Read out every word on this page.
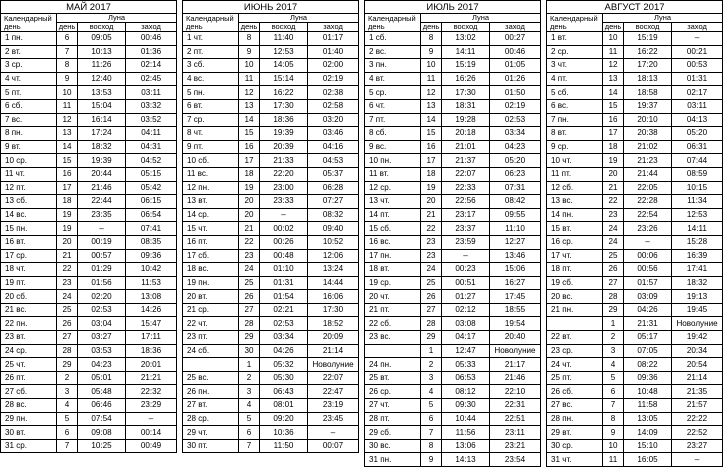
МАЙ 2017			

Календарный
день	Луна		
	день	восход	заход
1 пн.	6	09:05	00:46
2 вт.	7	10:13	01:36
3 ср.	8	11:26	02:14
4 чт.	9	12:40	02:45
5 пт.	10	13:53	03:11
6 сб.	11	15:04	03:32
7 вс.	12	16:14	03:52
8 пн.	13	17:24	04:11
9 вт.	14	18:32	04:31
10 ср.	15	19:39	04:52
11 чт.	16	20:44	05:15
12 пт.	17	21:46	05:42
13 сб.	18	22:44	06:15
14 вс.	19	23:35	06:54
15 пн.	19	–	07:41
16 вт.	20	00:19	08:35
17 ср.	21	00:57	09:36
18 чт.	22	01:29	10:42
19 пт.	23	01:56	11:53
20 сб.	24	02:20	13:08
21 вс.	25	02:53	14:26
22 пн.	26	03:04	15:47
23 вт.	27	03:27	17:11
24 ср.	28	03:53	18:36
25 чт.	29	04:23	20:01
26 пт.	2	05:01	21:21
27 сб.	3	05:48	22:32
28 вс.	4	06:46	23:29
29 пн.	5	07:54	–
30 вт.	6	09:08	00:14
31 ср.	7	10:25	00:49
ИЮНЬ 2017			

Календарный
день	Луна		
	день	восход	заход
1 чт.	8	11:40	01:17
2 пт.	9	12:53	01:40
3 сб.	10	14:05	02:00
4 вс.	11	15:14	02:19
5 пн.	12	16:22	02:38
6 вт.	13	17:30	02:58
7 ср.	14	18:36	03:20
8 чт.	15	19:39	03:46
9 пт.	16	20:39	04:16
10 сб.	17	21:33	04:53
11 вс.	18	22:20	05:37
12 пн.	19	23:00	06:28
13 вт.	20	23:33	07:27
14 ср.	20	–	08:32
15 чт.	21	00:02	09:40
16 пт.	22	00:26	10:52
17 сб.	23	00:48	12:06
18 вс.	24	01:10	13:24
19 пн.	25	01:31	14:44
20 вт.	26	01:54	16:06
21 ср.	27	02:21	17:30
22 чт.	28	02:53	18:52
23 пт.	29	03:34	20:09
24 сб.	30	04:26	21:14
	1	05:32	Новолуние
25 вс.	2	05:30	22:07
26 пн.	3	06:43	22:47
27 вт.	4	08:01	23:19
28 ср.	5	09:20	23:45
29 чт.	6	10:36	–
30 пт.	7	11:50	00:07
ИЮЛЬ 2017			

Календарный
день	Луна		
	день	восход	заход
1 сб.	8	13:02	00:27
2 вс.	9	14:11	00:46
3 пн.	10	15:19	01:05
4 вт.	11	16:26	01:26
5 ср.	12	17:30	01:50
6 чт.	13	18:31	02:19
7 пт.	14	19:28	02:53
8 сб.	15	20:18	03:34
9 вс.	16	21:01	04:23
10 пн.	17	21:37	05:20
11 вт.	18	22:07	06:23
12 ср.	19	22:33	07:31
13 чт.	20	22:56	08:42
14 пт.	21	23:17	09:55
15 сб.	22	23:37	11:10
16 вс.	23	23:59	12:27
17 пн.	23	–	13:46
18 вт.	24	00:23	15:06
19 ср.	25	00:51	16:27
20 чт.	26	01:27	17:45
21 пт.	27	02:12	18:55
22 сб.	28	03:08	19:54
23 вс.	29	04:17	20:40
	1	12:47	Новолуние
24 пн.	2	05:33	21:17
25 вт.	3	06:53	21:46
26 ср.	4	08:12	22:10
27 чт.	5	09:30	22:31
28 пт.	6	10:44	22:51
29 сб.	7	11:56	23:11
30 вс.	8	13:06	23:21
31 пн.	9	14:13	23:54
АВГУСТ 2017			

Календарный
день	Луна		
	день	восход	заход
1 вт.	10	15:19	–
2 ср.	11	16:22	00:21
3 чт.	12	17:20	00:53
4 пт.	13	18:13	01:31
5 сб.	14	18:58	02:17
6 вс.	15	19:37	03:11
7 пн.	16	20:10	04:13
8 вт.	17	20:38	05:20
9 ср.	18	21:02	06:31
10 чт.	19	21:23	07:44
11 пт.	20	21:44	08:59
12 сб.	21	22:05	10:15
13 вс.	22	22:28	11:34
14 пн.	23	22:54	12:53
15 вт.	24	23:26	14:11
16 ср.	24	–	15:28
17 чт.	25	00:06	16:39
18 пт.	26	00:56	17:41
19 сб.	27	01:57	18:32
20 вс.	28	03:09	19:13
21 пн.	29	04:26	19:45
	1	21:31	Новолуние
22 вт.	2	05:17	19:42
23 ср.	3	07:05	20:34
24 чт.	4	08:22	20:54
25 пт.	5	09:36	21:14
26 сб.	6	10:48	21:35
27 вс.	7	11:58	21:57
28 пн.	8	13:05	22:22
29 вт.	9	14:09	22:52
30 ср.	10	15:10	23:27
31 чт.	11	16:05	–
